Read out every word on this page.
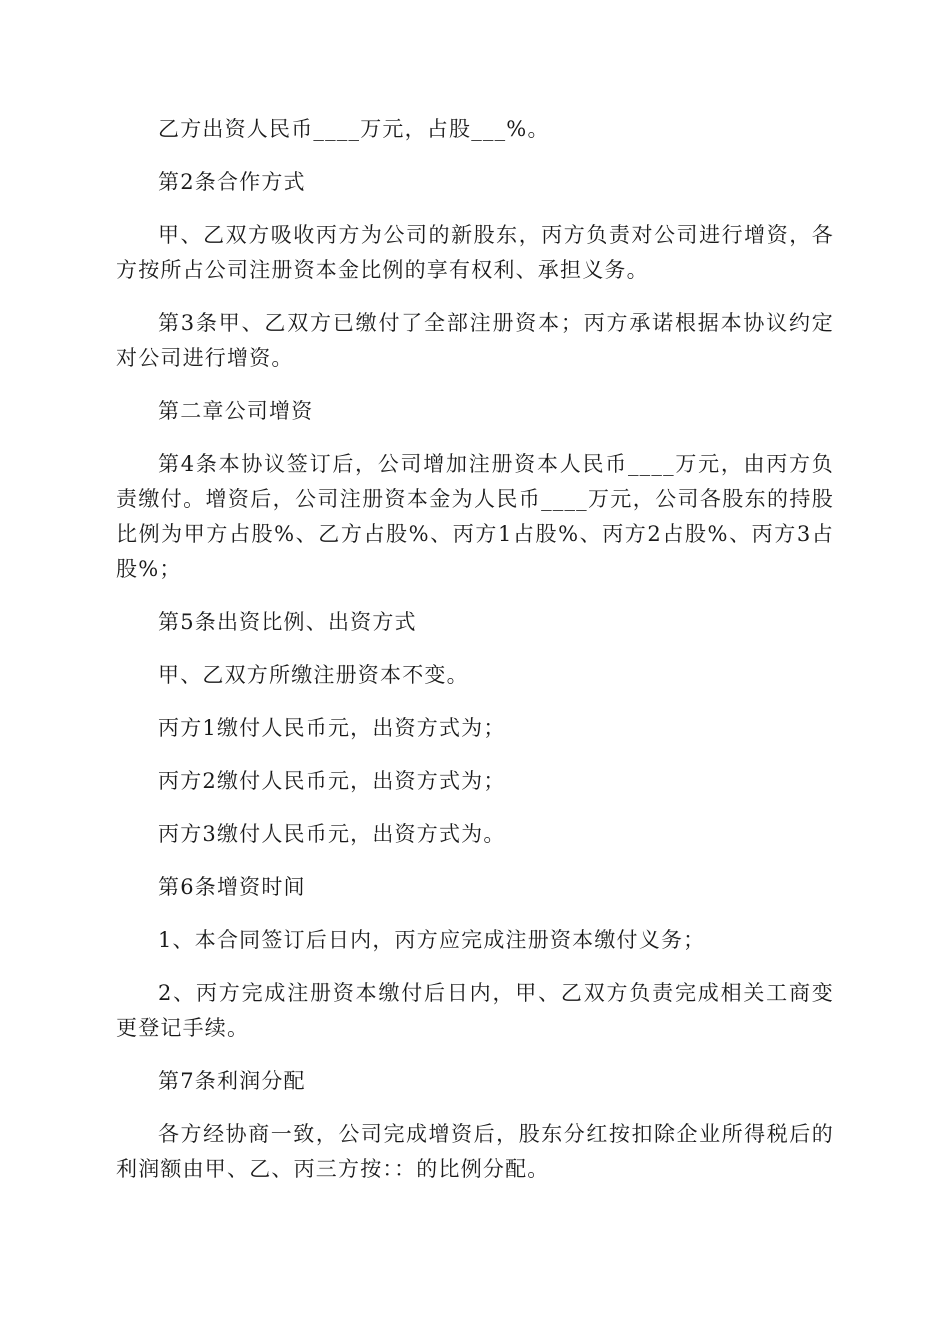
乙方出资人民币____万元，占股___%。

第2条合作方式

甲、乙双方吸收丙方为公司的新股东，丙方负责对公司进行增资，各方按所占公司注册资本金比例的享有权利、承担义务。

第3条甲、乙双方已缴付了全部注册资本；丙方承诺根据本协议约定对公司进行增资。

第二章公司增资

第4条本协议签订后，公司增加注册资本人民币____万元，由丙方负责缴付。增资后，公司注册资本金为人民币____万元，公司各股东的持股比例为甲方占股%、乙方占股%、丙方1占股%、丙方2占股%、丙方3占股%；

第5条出资比例、出资方式

甲、乙双方所缴注册资本不变。

丙方1缴付人民币元，出资方式为；

丙方2缴付人民币元，出资方式为；

丙方3缴付人民币元，出资方式为。

第6条增资时间

1、本合同签订后日内，丙方应完成注册资本缴付义务；

2、丙方完成注册资本缴付后日内，甲、乙双方负责完成相关工商变更登记手续。

第7条利润分配

各方经协商一致，公司完成增资后，股东分红按扣除企业所得税后的利润额由甲、乙、丙三方按：：的比例分配。
